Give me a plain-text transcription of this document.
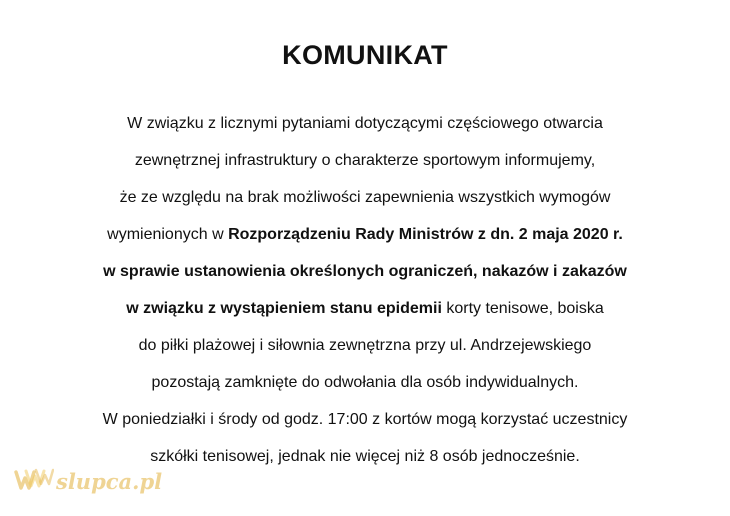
KOMUNIKAT
W związku z licznymi pytaniami dotyczącymi częściowego otwarcia
zewnętrznej infrastruktury o charakterze sportowym informujemy,
że ze względu na brak możliwości zapewnienia wszystkich wymogów
wymienionych w Rozporządzeniu Rady Ministrów z dn. 2 maja 2020 r.
w sprawie ustanowienia określonych ograniczeń, nakazów i zakazów
w związku z wystąpieniem stanu epidemii korty tenisowe, boiska
do piłki plażowej i siłownia zewnętrzna przy ul. Andrzejewskiego
pozostają zamknięte do odwołania dla osób indywidualnych.
W poniedziałki i środy od godz. 17:00 z kortów mogą korzystać uczestnicy
szkółki tenisowej, jednak nie więcej niż 8 osób jednocześnie.
slupca.pl
